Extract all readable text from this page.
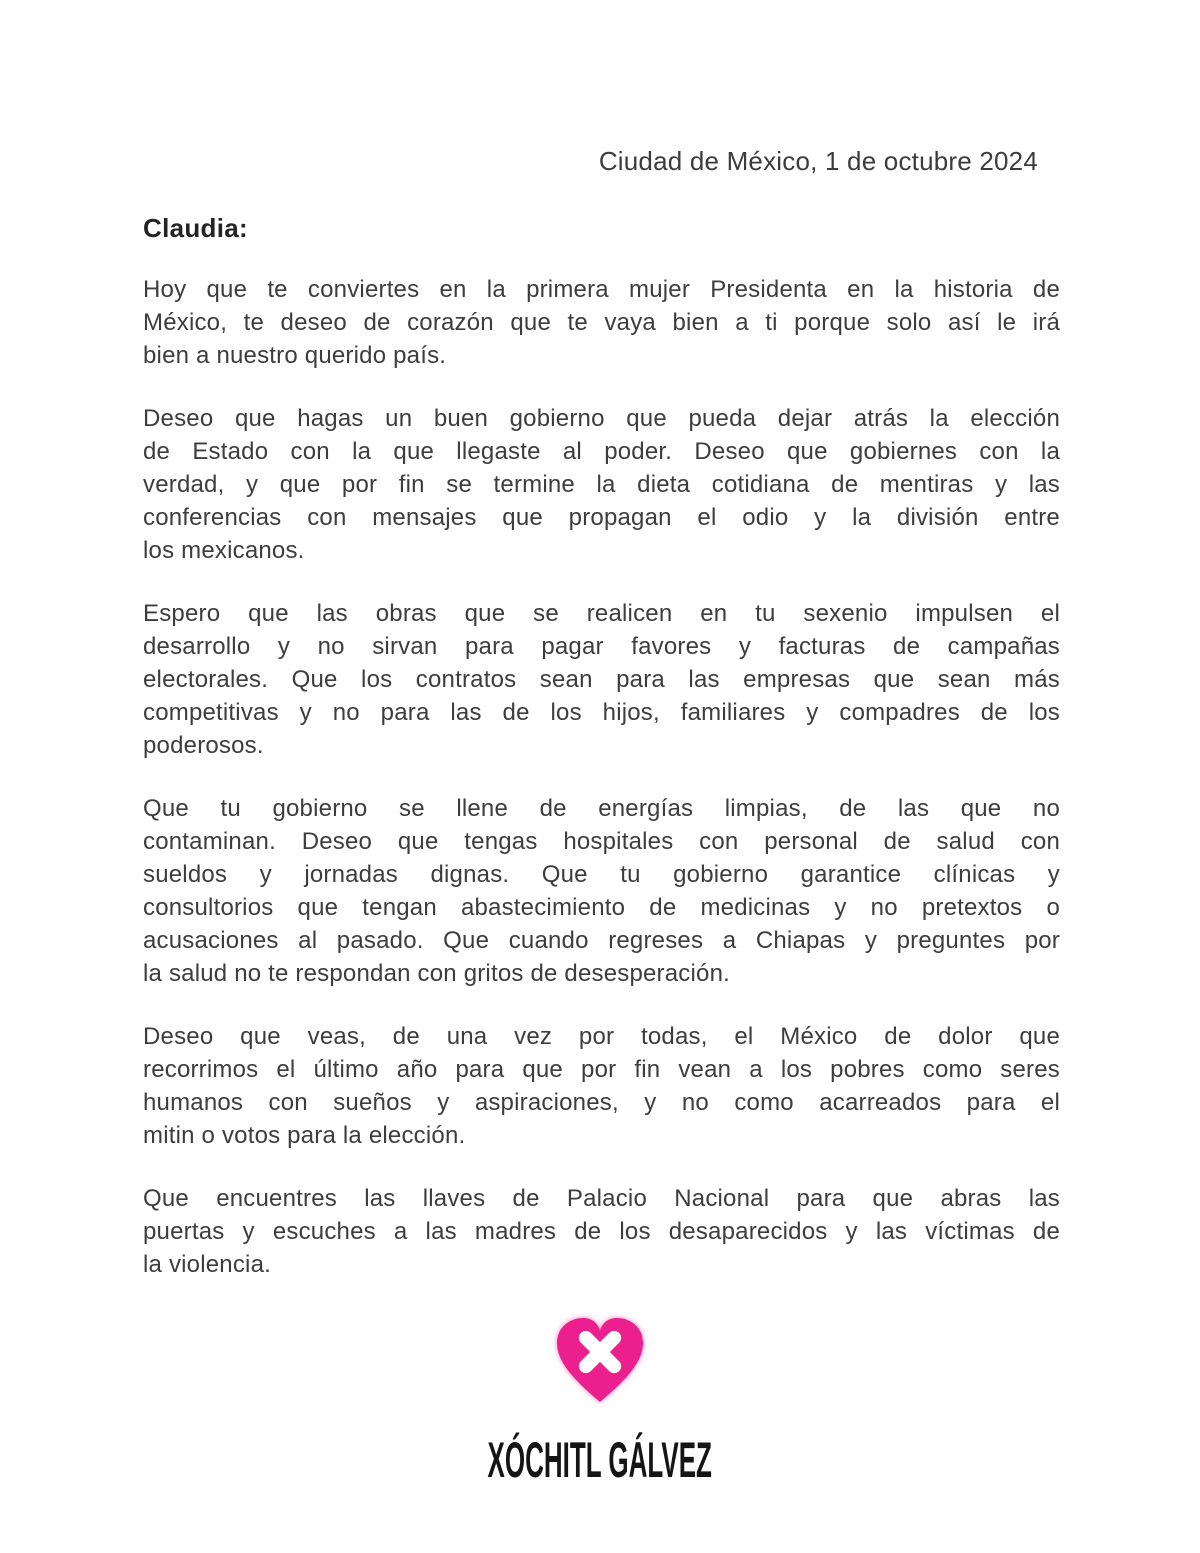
Ciudad de México, 1 de octubre 2024
Claudia:
Hoy que te conviertes en la primera mujer Presidenta en la historia de
México, te deseo de corazón que te vaya bien a ti porque solo así le irá
bien a nuestro querido país.
Deseo que hagas un buen gobierno que pueda dejar atrás la elección
de Estado con la que llegaste al poder. Deseo que gobiernes con la
verdad, y que por fin se termine la dieta cotidiana de mentiras y las
conferencias con mensajes que propagan el odio y la división entre
los mexicanos.
Espero que las obras que se realicen en tu sexenio impulsen el
desarrollo y no sirvan para pagar favores y facturas de campañas
electorales. Que los contratos sean para las empresas que sean más
competitivas y no para las de los hijos, familiares y compadres de los
poderosos.
Que tu gobierno se llene de energías limpias, de las que no
contaminan. Deseo que tengas hospitales con personal de salud con
sueldos y jornadas dignas. Que tu gobierno garantice clínicas y
consultorios que tengan abastecimiento de medicinas y no pretextos o
acusaciones al pasado. Que cuando regreses a Chiapas y preguntes por
la salud no te respondan con gritos de desesperación.
Deseo que veas, de una vez por todas, el México de dolor que
recorrimos el último año para que por fin vean a los pobres como seres
humanos con sueños y aspiraciones, y no como acarreados para el
mitin o votos para la elección.
Que encuentres las llaves de Palacio Nacional para que abras las
puertas y escuches a las madres de los desaparecidos y las víctimas de
la violencia.
XÓCHITL GÁLVEZ
